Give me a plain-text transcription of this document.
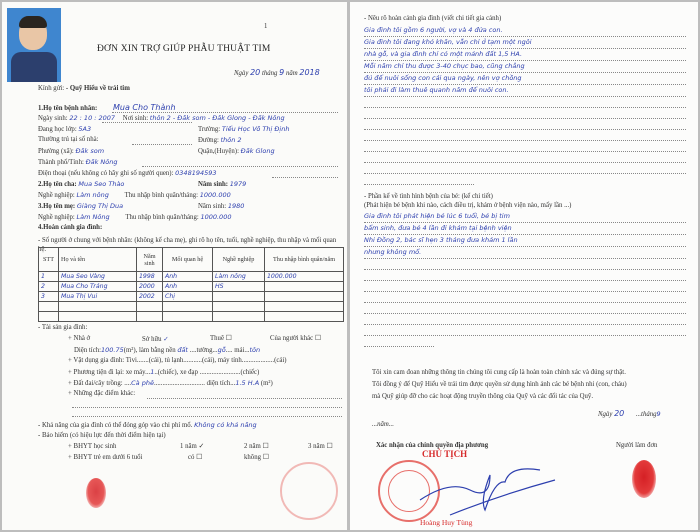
1
ĐƠN XIN TRỢ GIÚP PHẪU THUẬT TIM
Ngày 20 tháng 9 năm 2018
Kính gửi: - Quỹ Hiểu về trái tim
1.Họ tên bệnh nhân: Mua Cho Thành
Ngày sinh: 22 : 10 : 2007 Nơi sinh: thôn 2 - Đăk som - Đăk Glong - Đăk Nông
Đang học lớp: 5A3	Trường: Tiểu Học Võ Thị Định
Thường trú tại số nhà:	Đường: thôn 2
Phường (xã): Đăk som	Quận,(Huyện): Đăk Glong
Thành phố/Tỉnh: Đăk Nông
Điện thoại (nếu không có hãy ghi số người quen): 0348194593
2.Họ tên cha: Mua Seo Thào	Năm sinh: 1979
Nghề nghiệp: Làm nông Thu nhập bình quân/tháng: 1000.000
3.Họ tên mẹ: Giàng Thị Dua	Năm sinh: 1980
Nghề nghiệp: Làm Nông Thu nhập bình quân/tháng: 1000.000
4.Hoàn cảnh gia đình:
- Số người ở chung với bệnh nhân: (không kể cha mẹ), ghi rõ họ tên, tuổi, nghề nghiệp, thu nhập và mối quan hệ.
STT	Họ và tên	Năm sinh	Mối quan hệ	Nghề nghiệp	Thu nhập bình quân/năm
1	Mua Seo Vàng	1998	Anh	Làm nông	1000.000
2	Mua Cho Tráng	2000	Anh	HS	
3	Mua Thị Vui	2002	Chị		

- Tài sản gia đình:
+ Nhà ở	Sở hữu ✓	Thuê ☐	Của người khác ☐
Diện tích:100.75(m²), làm bằng nền đất ....tường...gỗ.... mái...tôn
+ Vật dụng gia đình: Tivi.......(cái), tủ lạnh...........(cái), máy tính...................(cái)
+ Phương tiện đi lại: xe máy...1..(chiếc), xe đạp ........................(chiếc)
+ Đất đai/cây trồng: ....Cà phê.............................. diện tích...1.5 H.A (m²)
+ Những đặc điểm khác:
- Khả năng của gia đình có thể đóng góp vào chi phí mổ. Không có khả năng
- Bảo hiểm (có hiệu lực đến thời điểm hiện tại)
+ BHYT học sinh	1 năm ✓	2 năm ☐	3 năm ☐
+ BHYT trẻ em dưới 6 tuổi	có ☐	không ☐
- Nêu rõ hoàn cảnh gia đình (viết chi tiết gia cảnh)
Gia đình tôi gồm 6 người, vợ và 4 đứa con.
Gia đình tôi đang khó khăn, vẫn chỉ ở tạm một ngôi
nhà gỗ, và gia đình chỉ có một mảnh đất 1,5 HA.
Mỗi năm chỉ thu được 3-40 chục bao, cũng chẳng
đủ để nuôi sống con cái qua ngày, nên vợ chồng
tôi phải đi làm thuê quanh năm để nuôi con.
- Phần kể về tình hình bệnh của bé: (kể chi tiết)
(Phát hiện bé bệnh khi nào, cách điều trị, khám ở bệnh viện nào, mấy lần ...)
Gia đình tôi phát hiện bé lúc 6 tuổi, bé bị tim
bẩm sinh, đưa bé 4 lần đi khám tại bệnh viện
Nhi Đồng 2, bác sĩ hẹn 3 tháng đưa khám 1 lần
nhưng không mổ.
Tôi xin cam đoan những thông tin chúng tôi cung cấp là hoàn toàn chính xác và đúng sự thật.
Tôi đồng ý để Quỹ Hiểu về trái tim được quyền sử dụng hình ảnh các bé bệnh nhi (con, cháu)
mà Quỹ giúp đỡ cho các hoạt động truyền thông của Quỹ và các đối tác của Quỹ.
Ngày 20 ...tháng9
...năm...
Xác nhận của chính quyền địa phương	Người làm đơn
CHỦ TỊCH
Hoàng Huy Tùng
